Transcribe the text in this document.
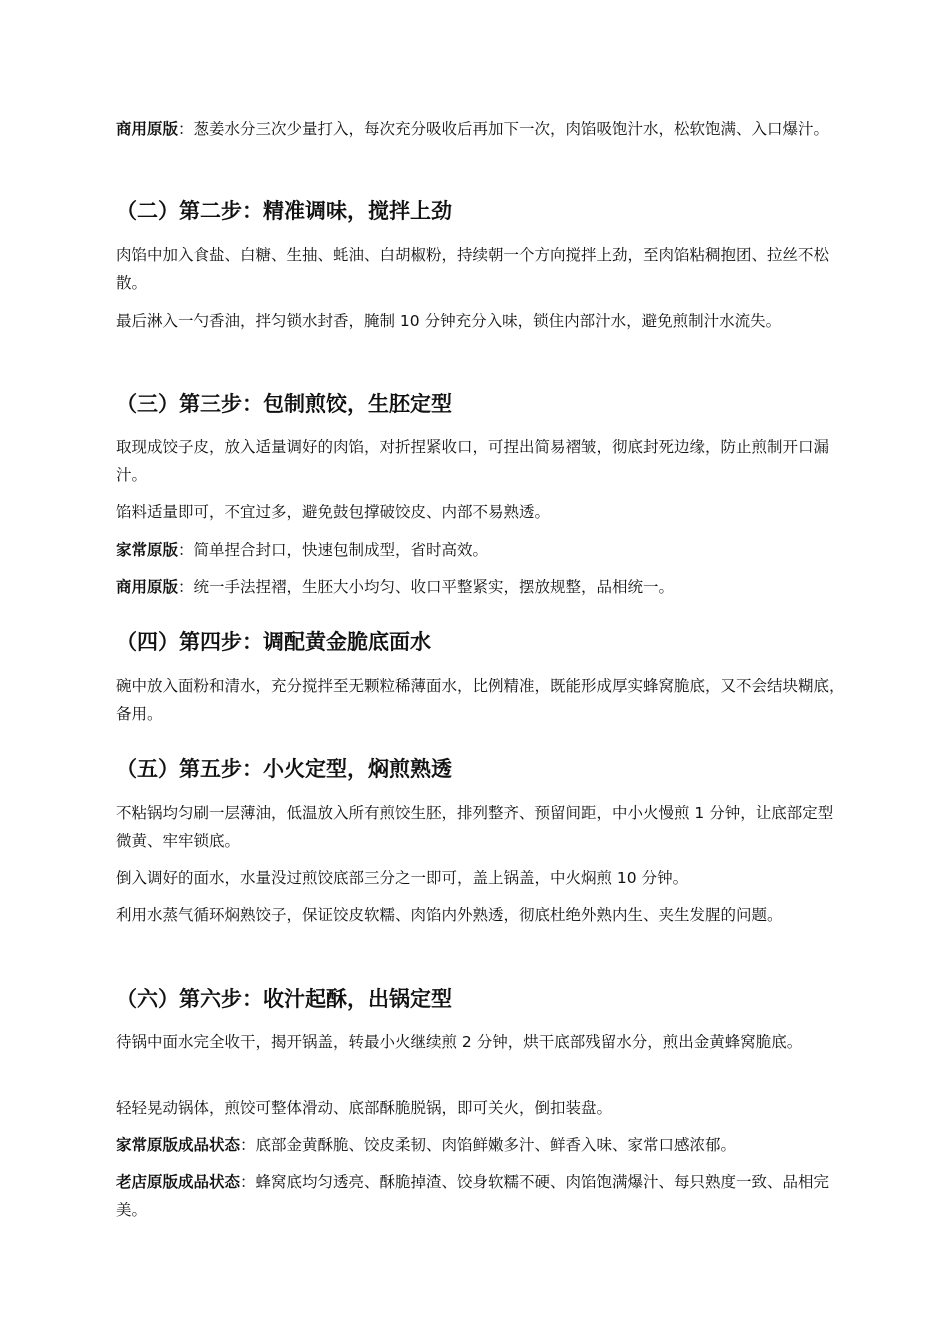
商用原版：葱姜水分三次少量打入，每次充分吸收后再加下一次，肉馅吸饱汁水，松软饱满、入口爆汁。

（二）第二步：精准调味，搅拌上劲

肉馅中加入食盐、白糖、生抽、蚝油、白胡椒粉，持续朝一个方向搅拌上劲，至肉馅粘稠抱团、拉丝不松散。

最后淋入一勺香油，拌匀锁水封香，腌制 10 分钟充分入味，锁住内部汁水，避免煎制汁水流失。

（三）第三步：包制煎饺，生胚定型

取现成饺子皮，放入适量调好的肉馅，对折捏紧收口，可捏出简易褶皱，彻底封死边缘，防止煎制开口漏汁。

馅料适量即可，不宜过多，避免鼓包撑破饺皮、内部不易熟透。

家常原版：简单捏合封口，快速包制成型，省时高效。

商用原版：统一手法捏褶，生胚大小均匀、收口平整紧实，摆放规整，品相统一。

（四）第四步：调配黄金脆底面水

碗中放入面粉和清水，充分搅拌至无颗粒稀薄面水，比例精准，既能形成厚实蜂窝脆底，又不会结块糊底，备用。

（五）第五步：小火定型，焖煎熟透

不粘锅均匀刷一层薄油，低温放入所有煎饺生胚，排列整齐、预留间距，中小火慢煎 1 分钟，让底部定型微黄、牢牢锁底。

倒入调好的面水，水量没过煎饺底部三分之一即可，盖上锅盖，中火焖煎 10 分钟。

利用水蒸气循环焖熟饺子，保证饺皮软糯、肉馅内外熟透，彻底杜绝外熟内生、夹生发腥的问题。

（六）第六步：收汁起酥，出锅定型

待锅中面水完全收干，揭开锅盖，转最小火继续煎 2 分钟，烘干底部残留水分，煎出金黄蜂窝脆底。

轻轻晃动锅体，煎饺可整体滑动、底部酥脆脱锅，即可关火，倒扣装盘。

家常原版成品状态：底部金黄酥脆、饺皮柔韧、肉馅鲜嫩多汁、鲜香入味、家常口感浓郁。

老店原版成品状态：蜂窝底均匀透亮、酥脆掉渣、饺身软糯不硬、肉馅饱满爆汁、每只熟度一致、品相完美。
